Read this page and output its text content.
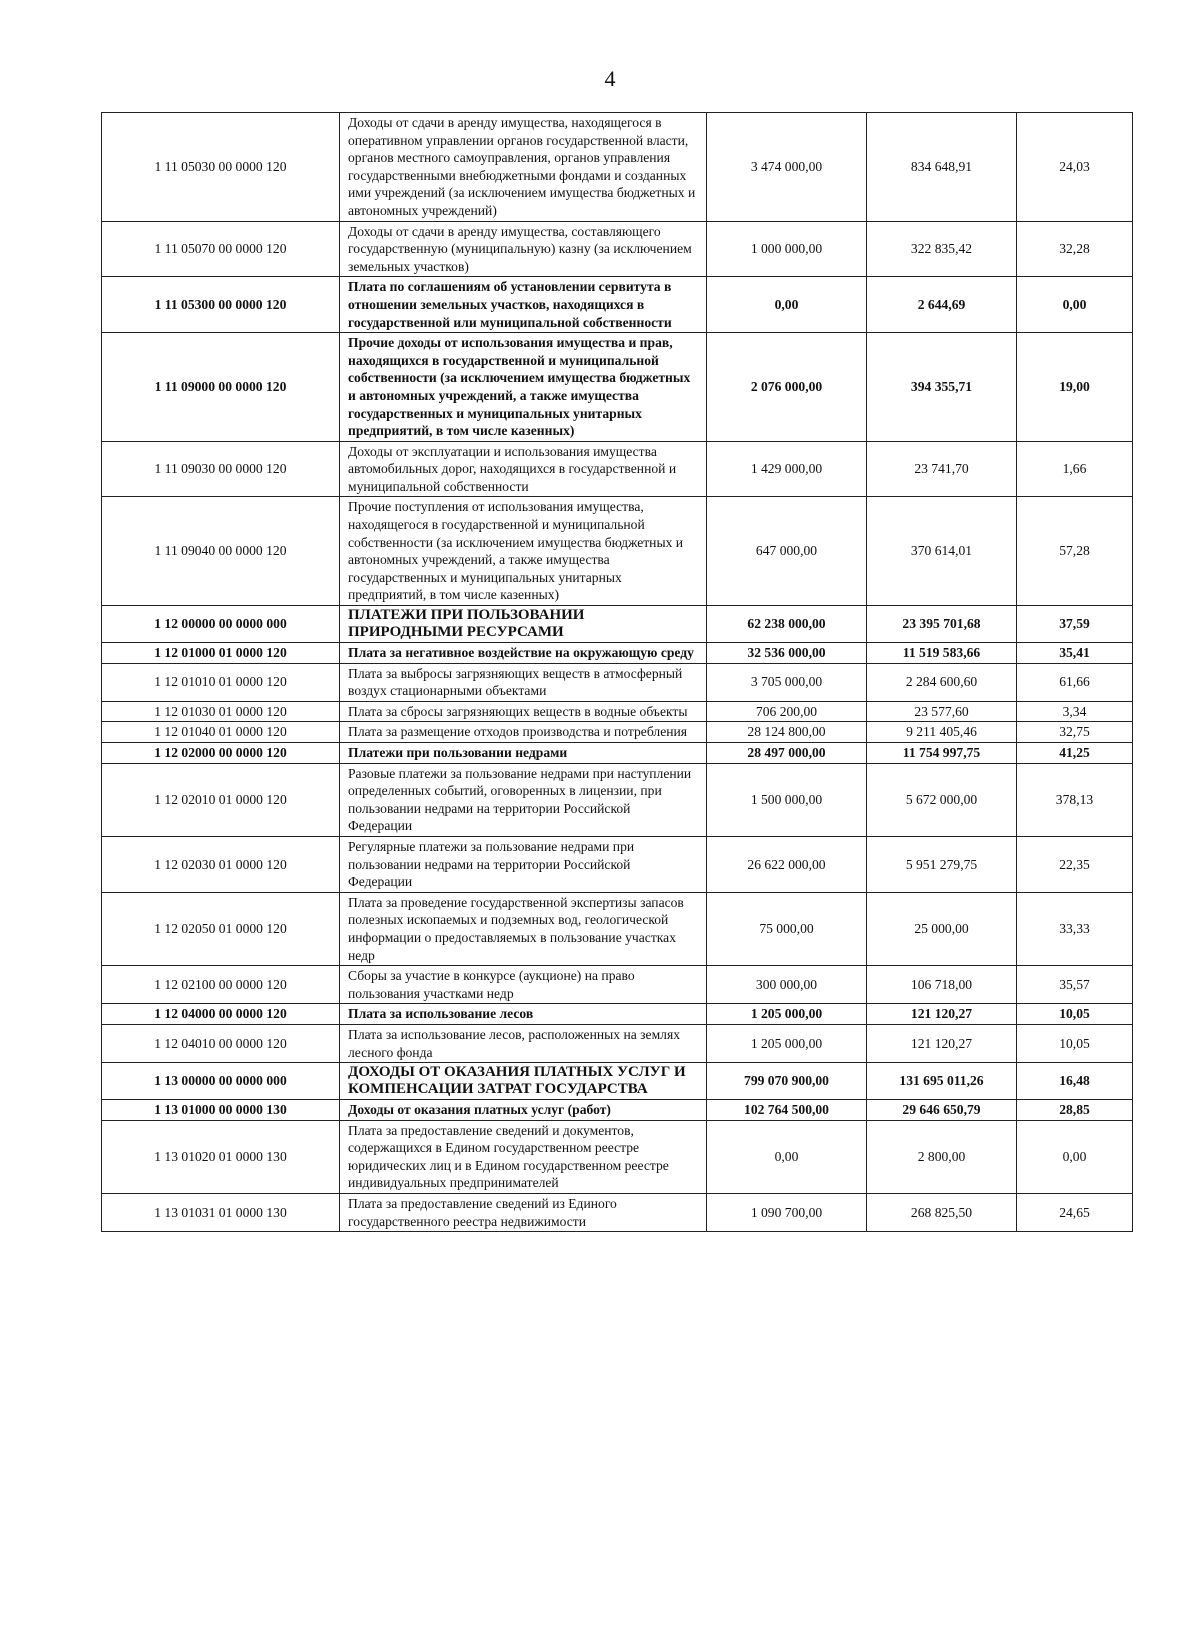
4
1 11 05030 00 0000 120	Доходы от сдачи в аренду имущества, находящегося в оперативном управлении органов государственной власти, органов местного самоуправления, органов управления государственными внебюджетными фондами и созданных ими учреждений (за исключением имущества бюджетных и автономных учреждений)	3 474 000,00	834 648,91	24,03
1 11 05070 00 0000 120	Доходы от сдачи в аренду имущества, составляющего государственную (муниципальную) казну (за исключением земельных участков)	1 000 000,00	322 835,42	32,28
1 11 05300 00 0000 120	Плата по соглашениям об установлении сервитута в отношении земельных участков, находящихся в государственной или муниципальной собственности	0,00	2 644,69	0,00
1 11 09000 00 0000 120	Прочие доходы от использования имущества и прав, находящихся в государственной и муниципальной собственности (за исключением имущества бюджетных и автономных учреждений, а также имущества государственных и муниципальных унитарных предприятий, в том числе казенных)	2 076 000,00	394 355,71	19,00
1 11 09030 00 0000 120	Доходы от эксплуатации и использования имущества автомобильных дорог, находящихся в государственной и муниципальной собственности	1 429 000,00	23 741,70	1,66
1 11 09040 00 0000 120	Прочие поступления от использования имущества, находящегося в государственной и муниципальной собственности (за исключением имущества бюджетных и автономных учреждений, а также имущества государственных и муниципальных унитарных предприятий, в том числе казенных)	647 000,00	370 614,01	57,28
1 12 00000 00 0000 000	ПЛАТЕЖИ ПРИ ПОЛЬЗОВАНИИ ПРИРОДНЫМИ РЕСУРСАМИ	62 238 000,00	23 395 701,68	37,59
1 12 01000 01 0000 120	Плата за негативное воздействие на окружающую среду	32 536 000,00	11 519 583,66	35,41
1 12 01010 01 0000 120	Плата за выбросы загрязняющих веществ в атмосферный воздух стационарными объектами	3 705 000,00	2 284 600,60	61,66
1 12 01030 01 0000 120	Плата за сбросы загрязняющих веществ в водные объекты	706 200,00	23 577,60	3,34
1 12 01040 01 0000 120	Плата за размещение отходов производства и потребления	28 124 800,00	9 211 405,46	32,75
1 12 02000 00 0000 120	Платежи при пользовании недрами	28 497 000,00	11 754 997,75	41,25
1 12 02010 01 0000 120	Разовые платежи за пользование недрами при наступлении определенных событий, оговоренных в лицензии, при пользовании недрами на территории Российской Федерации	1 500 000,00	5 672 000,00	378,13
1 12 02030 01 0000 120	Регулярные платежи за пользование недрами при пользовании недрами на территории Российской Федерации	26 622 000,00	5 951 279,75	22,35
1 12 02050 01 0000 120	Плата за проведение государственной экспертизы запасов полезных ископаемых и подземных вод, геологической информации о предоставляемых в пользование участках недр	75 000,00	25 000,00	33,33
1 12 02100 00 0000 120	Сборы за участие в конкурсе (аукционе) на право пользования участками недр	300 000,00	106 718,00	35,57
1 12 04000 00 0000 120	Плата за использование лесов	1 205 000,00	121 120,27	10,05
1 12 04010 00 0000 120	Плата за использование лесов, расположенных на землях лесного фонда	1 205 000,00	121 120,27	10,05
1 13 00000 00 0000 000	ДОХОДЫ ОТ ОКАЗАНИЯ ПЛАТНЫХ УСЛУГ И КОМПЕНСАЦИИ ЗАТРАТ ГОСУДАРСТВА	799 070 900,00	131 695 011,26	16,48
1 13 01000 00 0000 130	Доходы от оказания платных услуг (работ)	102 764 500,00	29 646 650,79	28,85
1 13 01020 01 0000 130	Плата за предоставление сведений и документов, содержащихся в Едином государственном реестре юридических лиц и в Едином государственном реестре индивидуальных предпринимателей	0,00	2 800,00	0,00
1 13 01031 01 0000 130	Плата за предоставление сведений из Единого государственного реестра недвижимости	1 090 700,00	268 825,50	24,65
